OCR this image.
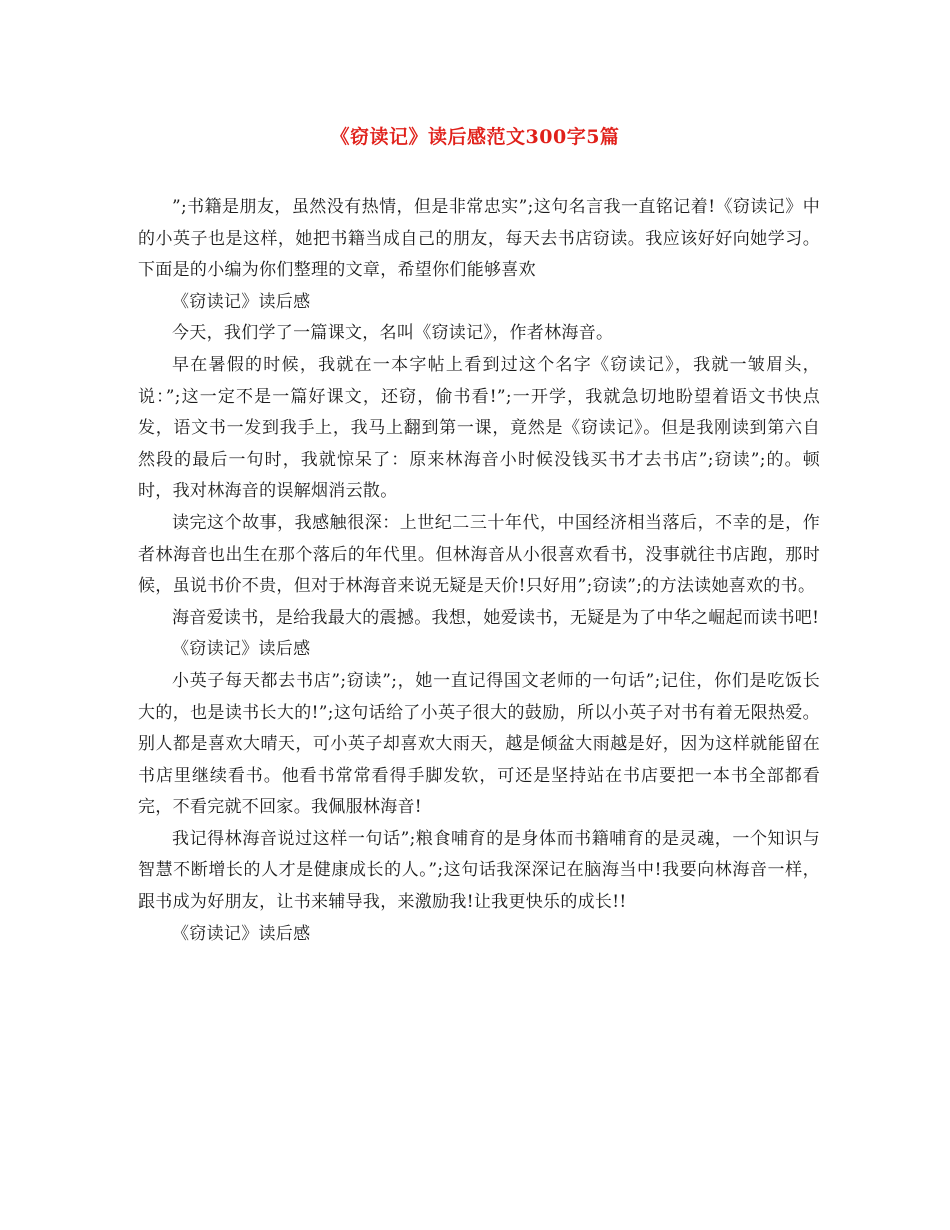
《窃读记》读后感范文300字5篇

”;书籍是朋友，虽然没有热情，但是非常忠实”;这句名言我一直铭记着!《窃读记》中的小英子也是这样，她把书籍当成自己的朋友，每天去书店窃读。我应该好好向她学习。下面是的小编为你们整理的文章，希望你们能够喜欢

《窃读记》读后感

今天，我们学了一篇课文，名叫《窃读记》，作者林海音。

早在暑假的时候，我就在一本字帖上看到过这个名字《窃读记》，我就一皱眉头，说：”;这一定不是一篇好课文，还窃，偷书看!”;一开学，我就急切地盼望着语文书快点发，语文书一发到我手上，我马上翻到第一课，竟然是《窃读记》。但是我刚读到第六自然段的最后一句时，我就惊呆了：原来林海音小时候没钱买书才去书店”;窃读”;的。顿时，我对林海音的误解烟消云散。

读完这个故事，我感触很深：上世纪二三十年代，中国经济相当落后，不幸的是，作者林海音也出生在那个落后的年代里。但林海音从小很喜欢看书，没事就往书店跑，那时候，虽说书价不贵，但对于林海音来说无疑是天价!只好用”;窃读”;的方法读她喜欢的书。

海音爱读书，是给我最大的震撼。我想，她爱读书，无疑是为了中华之崛起而读书吧!

《窃读记》读后感

小英子每天都去书店”;窃读”;，她一直记得国文老师的一句话”;记住，你们是吃饭长大的，也是读书长大的!”;这句话给了小英子很大的鼓励，所以小英子对书有着无限热爱。别人都是喜欢大晴天，可小英子却喜欢大雨天，越是倾盆大雨越是好，因为这样就能留在书店里继续看书。他看书常常看得手脚发软，可还是坚持站在书店要把一本书全部都看完，不看完就不回家。我佩服林海音!

我记得林海音说过这样一句话”;粮食哺育的是身体而书籍哺育的是灵魂，一个知识与智慧不断增长的人才是健康成长的人。”;这句话我深深记在脑海当中!我要向林海音一样，跟书成为好朋友，让书来辅导我，来激励我!让我更快乐的成长!!

《窃读记》读后感
